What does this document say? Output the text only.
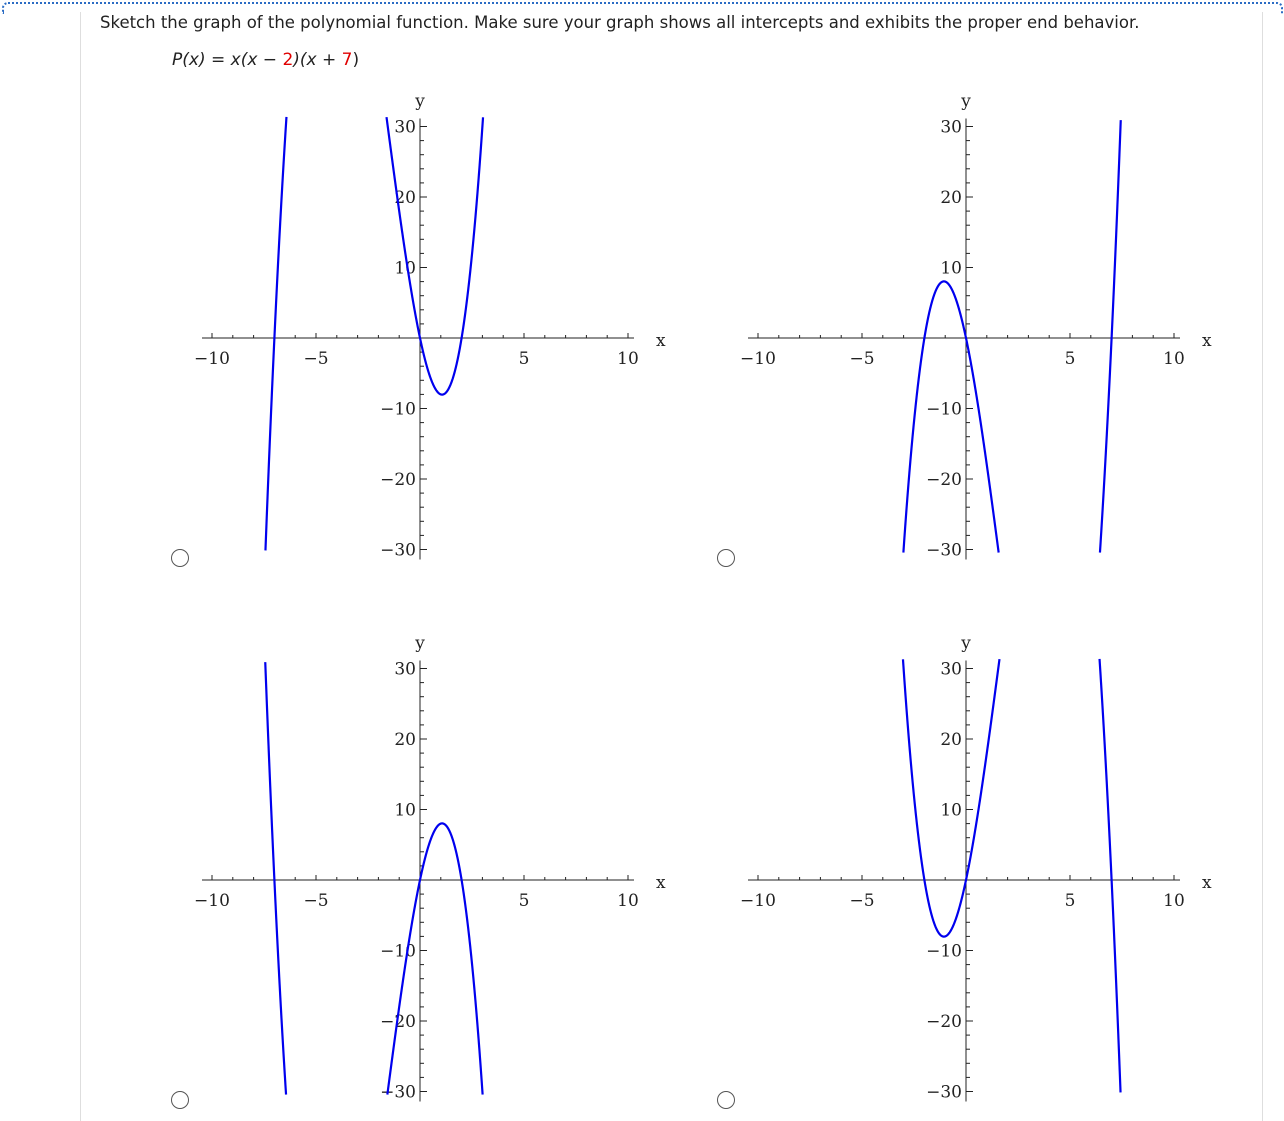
Sketch the graph of the polynomial function. Make sure your graph shows all intercepts and exhibits the proper end behavior.
P(x) = x(x − 2)(x + 7)
−10	−5	5	10
30
20
10
−10
−20
−30
x
y
−10	−5	5	10
30
20
10
−10
−20
−30
x
y
−10	−5	5	10
30
20
10
−10
−20
−30
x
y
−10	−5	5	10
30
20
10
−10
−20
−30
x
y
